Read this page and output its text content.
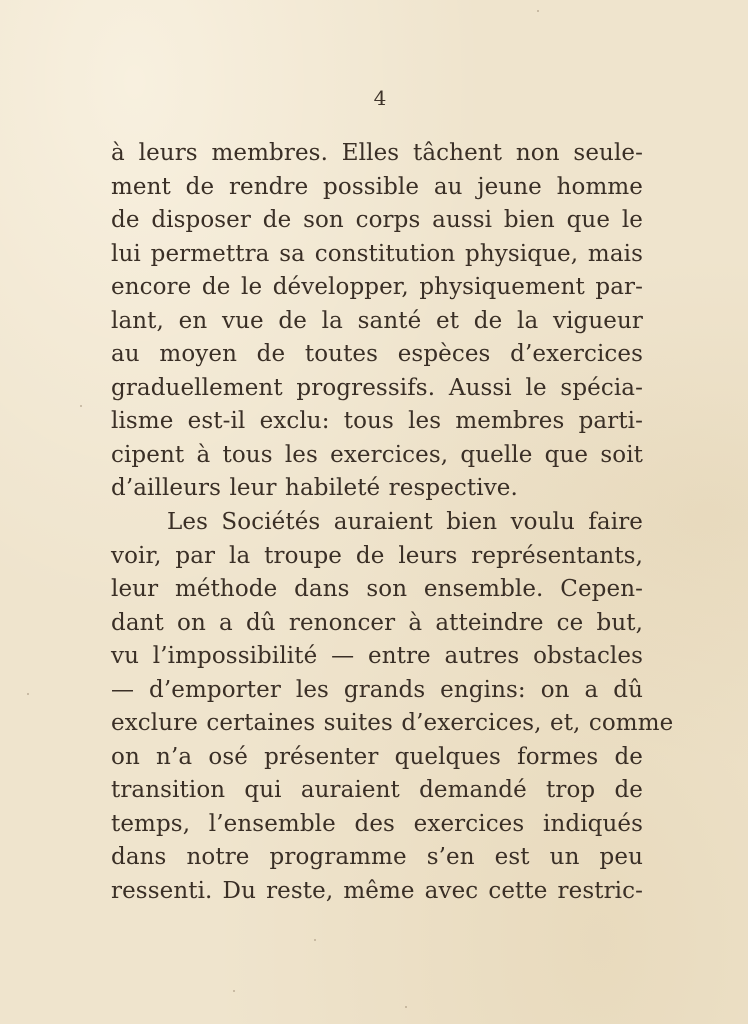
4
à leurs membres. Elles tâchent non seule-
ment de rendre possible au jeune homme
de disposer de son corps aussi bien que le
lui permettra sa constitution physique, mais
encore de le développer, physiquement par-
lant, en vue de la santé et de la vigueur
au moyen de toutes espèces d’exercices
graduellement progressifs. Aussi le spécia-
lisme est-il exclu: tous les membres parti-
cipent à tous les exercices, quelle que soit
d’ailleurs leur habileté respective.
Les Sociétés auraient bien voulu faire
voir, par la troupe de leurs représentants,
leur méthode dans son ensemble. Cepen-
dant on a dû renoncer à atteindre ce but,
vu l’impossibilité — entre autres obstacles
— d’emporter les grands engins: on a dû
exclure certaines suites d’exercices, et, comme
on n’a osé présenter quelques formes de
transition qui auraient demandé trop de
temps, l’ensemble des exercices indiqués
dans notre programme s’en est un peu
ressenti. Du reste, même avec cette restric-
